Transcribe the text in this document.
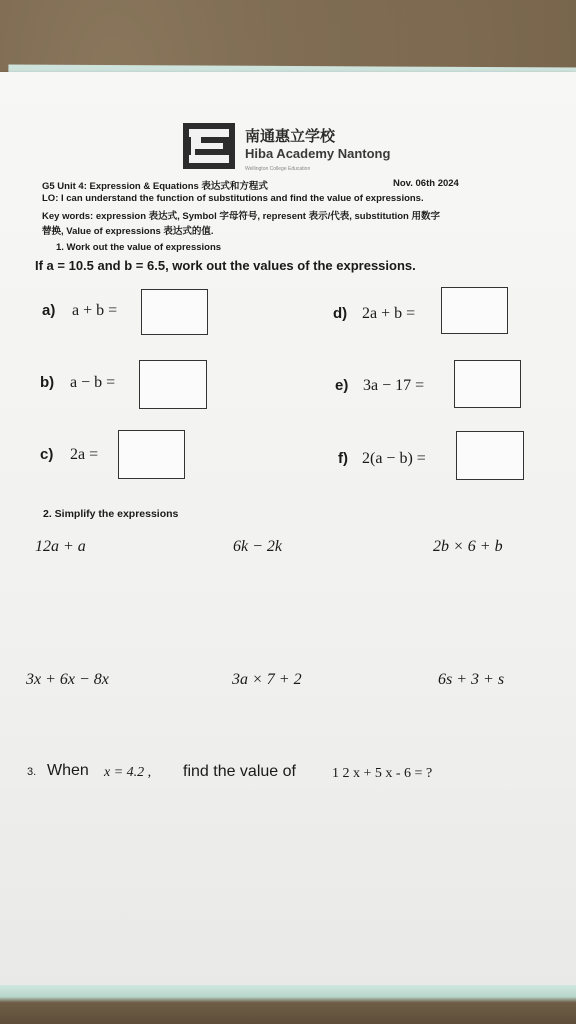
南通惠立学校
Hiba Academy Nantong
Wellington College Education
G5 Unit 4: Expression & Equations 表达式和方程式	Nov. 06th 2024
LO: I can understand the function of substitutions and find the value of expressions.
Key words: expression 表达式, Symbol 字母符号, represent 表示/代表, substitution 用数字
替换, Value of expressions 表达式的值.
1. Work out the value of expressions
If a = 10.5 and b = 6.5, work out the values of the expressions.
a) a + b =	d) 2a + b =
b) a − b =	e) 3a − 17 =
c) 2a =	f) 2(a − b) =
2. Simplify the expressions
12a + a	6k − 2k	2b × 6 + b
3x + 6x − 8x	3a × 7 + 2	6s + 3 + s
3. When x = 4.2 , find the value of	1 2 x + 5 x - 6 = ?
